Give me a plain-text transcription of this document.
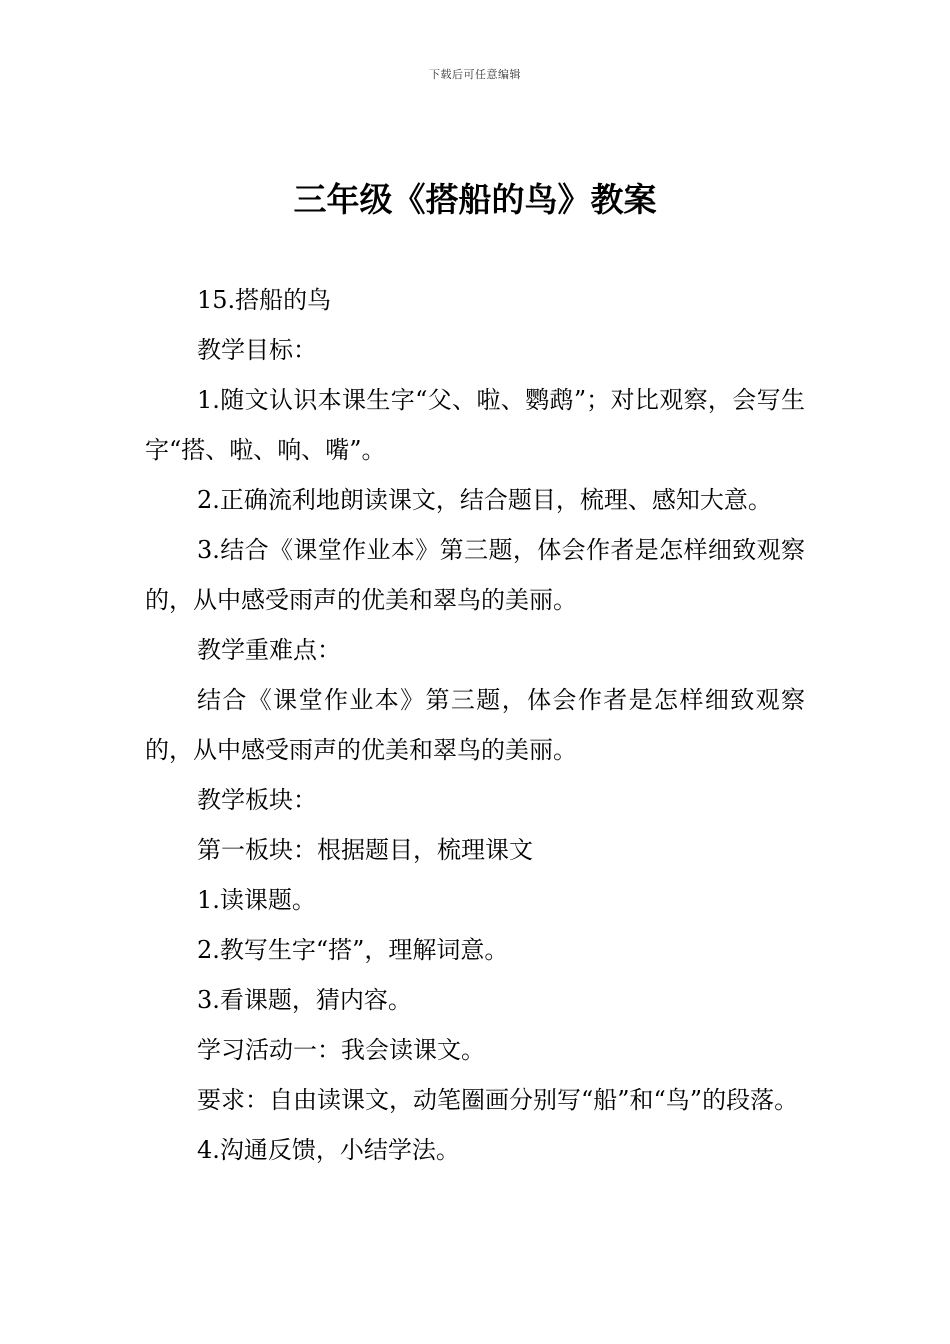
下载后可任意编辑
三年级《搭船的鸟》教案

15.搭船的鸟

教学目标：

1.随文认识本课生字“父、啦、鹦鹉”；对比观察，会写生字“搭、啦、响、嘴”。

2.正确流利地朗读课文，结合题目，梳理、感知大意。

3.结合《课堂作业本》第三题，体会作者是怎样细致观察的，从中感受雨声的优美和翠鸟的美丽。

教学重难点：

结合《课堂作业本》第三题，体会作者是怎样细致观察的，从中感受雨声的优美和翠鸟的美丽。

教学板块：

第一板块：根据题目，梳理课文

1.读课题。

2.教写生字“搭”，理解词意。

3.看课题，猜内容。

学习活动一：我会读课文。

要求：自由读课文，动笔圈画分别写“船”和“鸟”的段落。

4.沟通反馈，小结学法。
